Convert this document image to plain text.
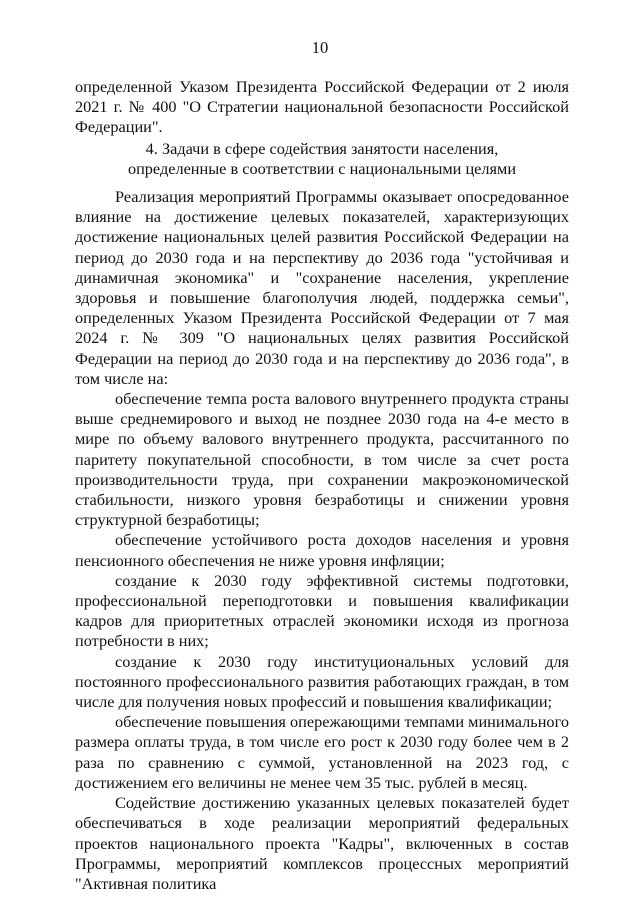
10

определенной Указом Президента Российской Федерации от 2 июля 2021 г. № 400 "О Стратегии национальной безопасности Российской Федерации".

4. Задачи в сфере содействия занятости населения,
определенные в соответствии с национальными целями

Реализация мероприятий Программы оказывает опосредованное влияние на достижение целевых показателей, характеризующих достижение национальных целей развития Российской Федерации на период до 2030 года и на перспективу до 2036 года "устойчивая и динамичная экономика" и "сохранение населения, укрепление здоровья и повышение благополучия людей, поддержка семьи", определенных Указом Президента Российской Федерации от 7 мая 2024 г. № 309 "О национальных целях развития Российской Федерации на период до 2030 года и на перспективу до 2036 года", в том числе на:

обеспечение темпа роста валового внутреннего продукта страны выше среднемирового и выход не позднее 2030 года на 4-е место в мире по объему валового внутреннего продукта, рассчитанного по паритету покупательной способности, в том числе за счет роста производительности труда, при сохранении макроэкономической стабильности, низкого уровня безработицы и снижении уровня структурной безработицы;

обеспечение устойчивого роста доходов населения и уровня пенсионного обеспечения не ниже уровня инфляции;

создание к 2030 году эффективной системы подготовки, профессиональной переподготовки и повышения квалификации кадров для приоритетных отраслей экономики исходя из прогноза потребности в них;

создание к 2030 году институциональных условий для постоянного профессионального развития работающих граждан, в том числе для получения новых профессий и повышения квалификации;

обеспечение повышения опережающими темпами минимального размера оплаты труда, в том числе его рост к 2030 году более чем в 2 раза по сравнению с суммой, установленной на 2023 год, с достижением его величины не менее чем 35 тыс. рублей в месяц.

Содействие достижению указанных целевых показателей будет обеспечиваться в ходе реализации мероприятий федеральных проектов национального проекта "Кадры", включенных в состав Программы, мероприятий комплексов процессных мероприятий "Активная политика
